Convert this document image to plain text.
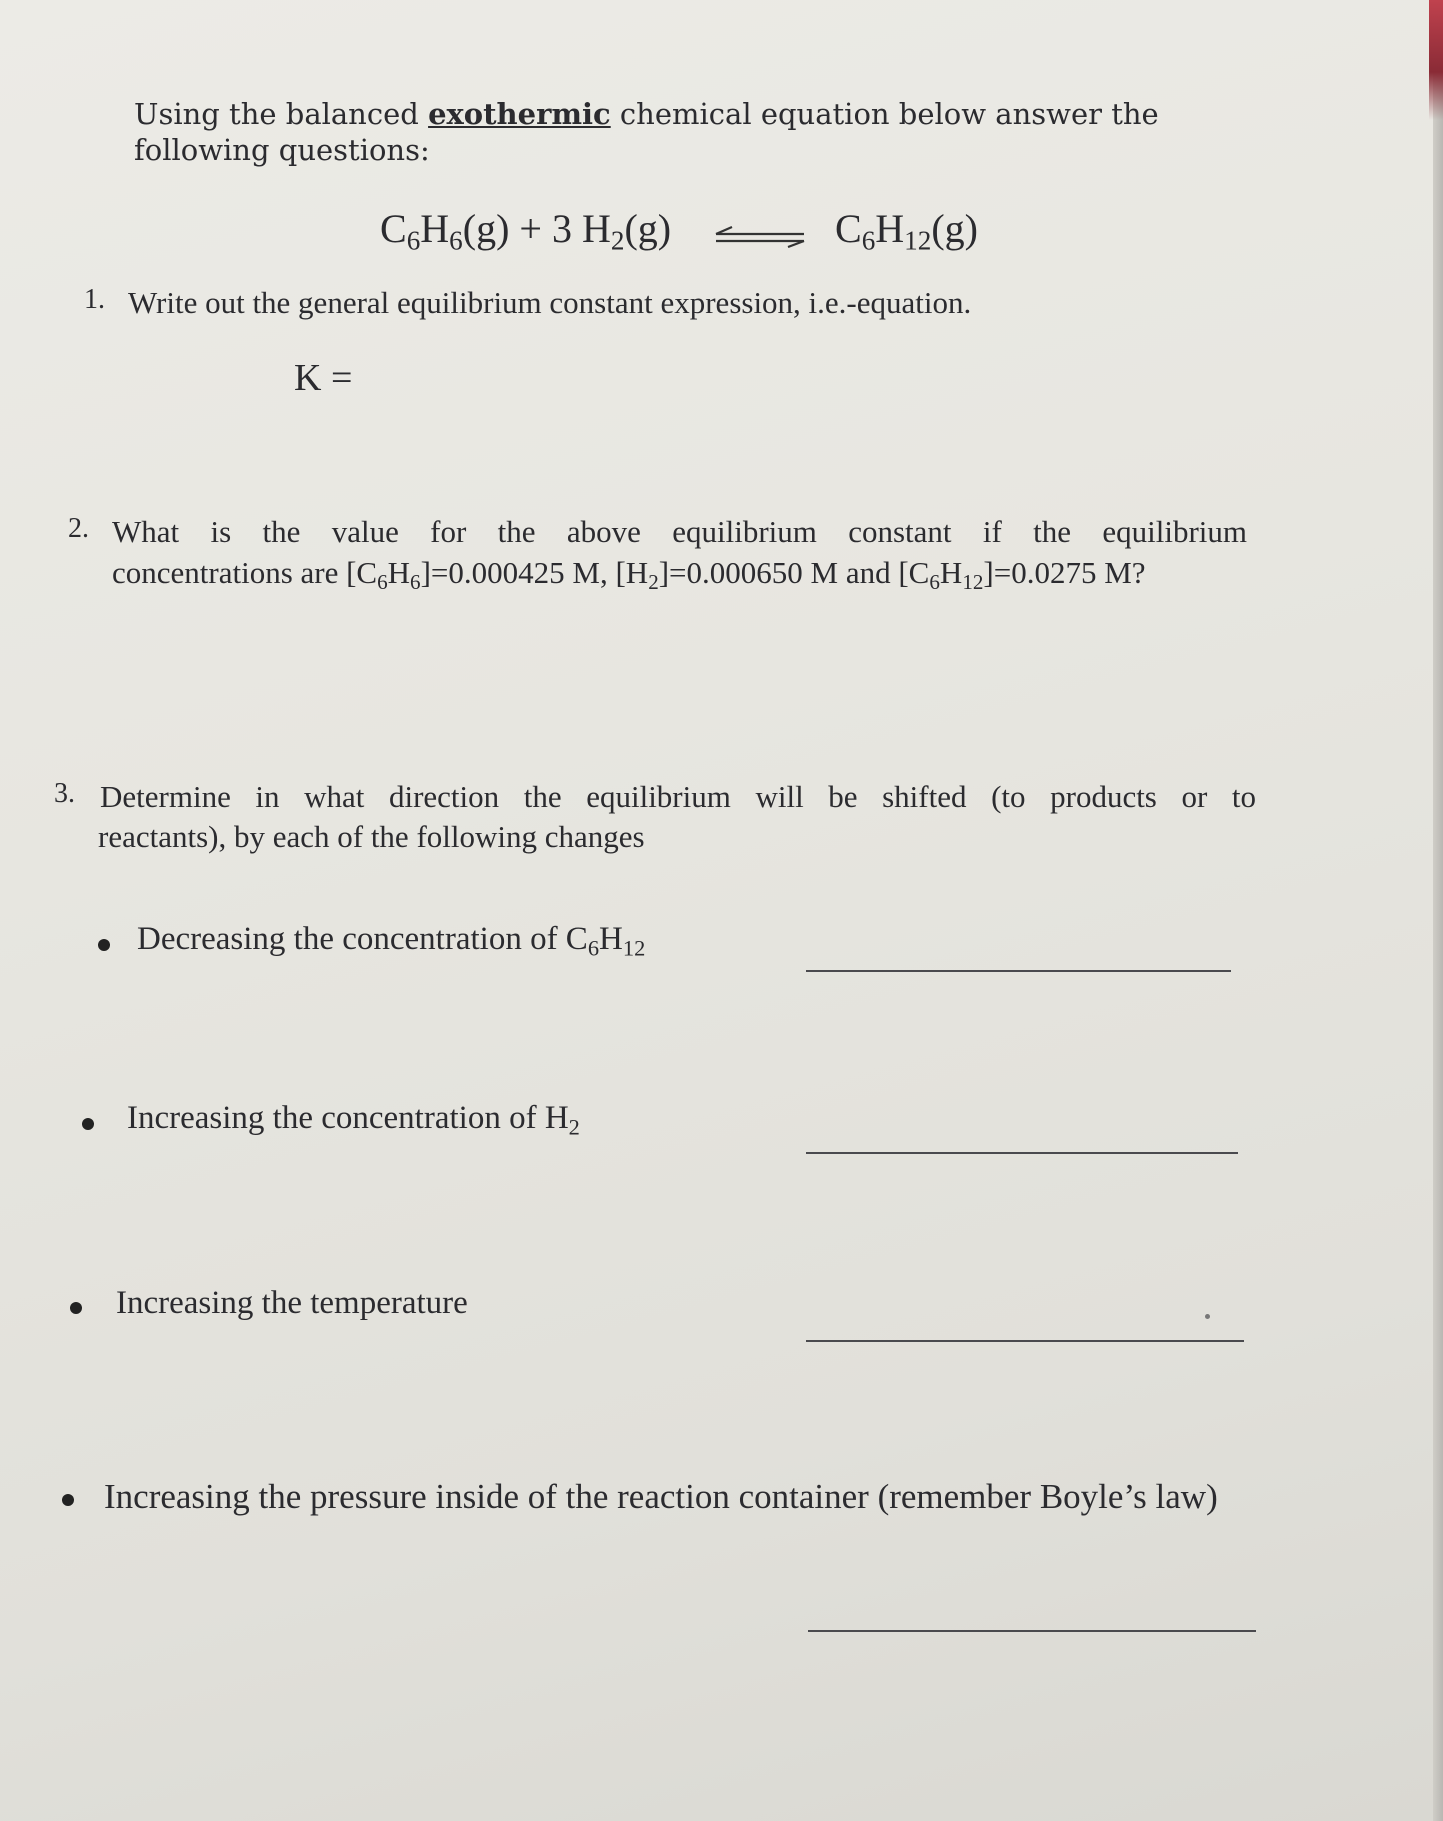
Using the balanced exothermic chemical equation below answer the following questions:

$C_6H_6(g) + 3$ $H_2(g)$	$C_6H_{12}(g)$
1. Write out the general equilibrium constant expression, i.e.-equation.

K =

2. What is the value for the above equilibrium constant if the equilibrium

concentrations are $[C_6H_6]=0.000425$ M, $[H_2]=0.000650$ M and $[C_6H_{12}]=0.0275$ M?

3. Determine in what direction the equilibrium will be shifted (to products or to

reactants), by each of the following changes

Decreasing the concentration of $C_6H_{12}$

Increasing the concentration of $H_2$

Increasing the temperature

Increasing the pressure inside of the reaction container (remember Boyle’s law)
